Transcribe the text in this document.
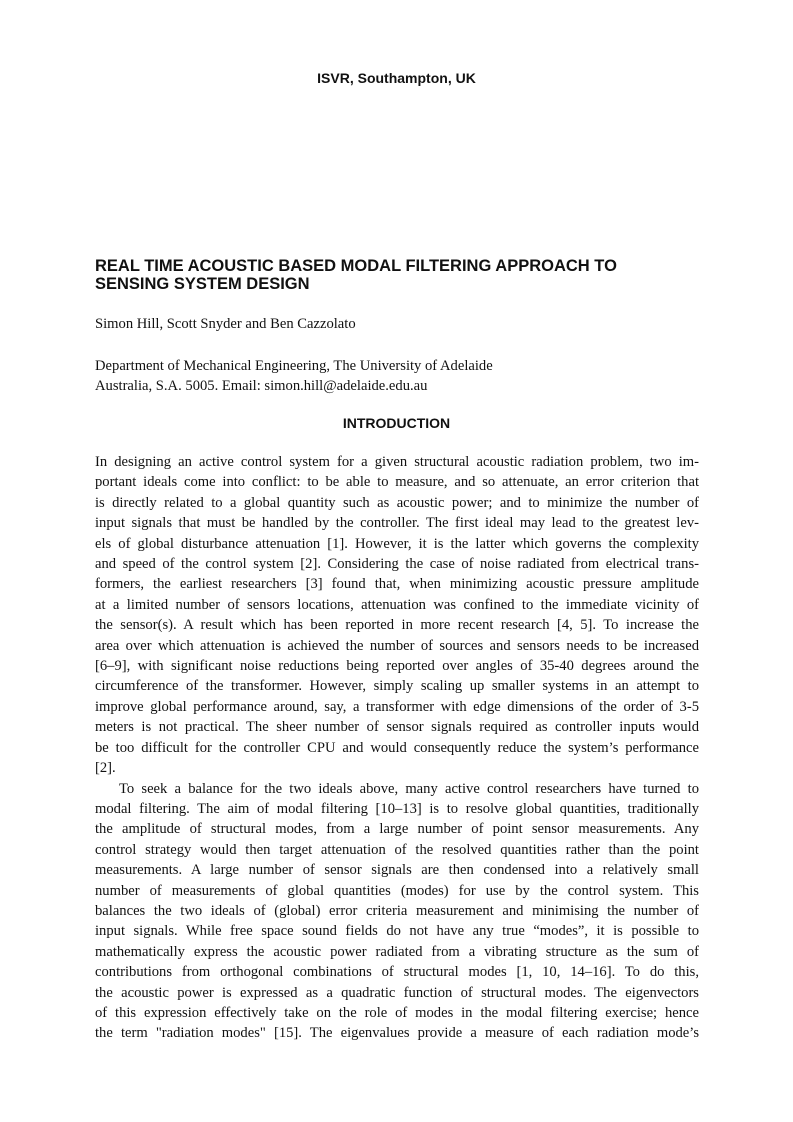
ISVR, Southampton, UK
REAL TIME ACOUSTIC BASED MODAL FILTERING APPROACH TO
SENSING SYSTEM DESIGN

Simon Hill, Scott Snyder and Ben Cazzolato

Department of Mechanical Engineering, The University of Adelaide
Australia, S.A. 5005. Email: simon.hill@adelaide.edu.au

INTRODUCTION

In designing an active control system for a given structural acoustic radiation problem, two im-
portant ideals come into conflict: to be able to measure, and so attenuate, an error criterion that
is directly related to a global quantity such as acoustic power; and to minimize the number of
input signals that must be handled by the controller. The first ideal may lead to the greatest lev-
els of global disturbance attenuation [1]. However, it is the latter which governs the complexity
and speed of the control system [2]. Considering the case of noise radiated from electrical trans-
formers, the earliest researchers [3] found that, when minimizing acoustic pressure amplitude
at a limited number of sensors locations, attenuation was confined to the immediate vicinity of
the sensor(s). A result which has been reported in more recent research [4, 5]. To increase the
area over which attenuation is achieved the number of sources and sensors needs to be increased
[6–9], with significant noise reductions being reported over angles of 35-40 degrees around the
circumference of the transformer. However, simply scaling up smaller systems in an attempt to
improve global performance around, say, a transformer with edge dimensions of the order of 3-5
meters is not practical. The sheer number of sensor signals required as controller inputs would
be too difficult for the controller CPU and would consequently reduce the system’s performance
[2].

To seek a balance for the two ideals above, many active control researchers have turned to
modal filtering. The aim of modal filtering [10–13] is to resolve global quantities, traditionally
the amplitude of structural modes, from a large number of point sensor measurements. Any
control strategy would then target attenuation of the resolved quantities rather than the point
measurements. A large number of sensor signals are then condensed into a relatively small
number of measurements of global quantities (modes) for use by the control system. This
balances the two ideals of (global) error criteria measurement and minimising the number of
input signals. While free space sound fields do not have any true “modes”, it is possible to
mathematically express the acoustic power radiated from a vibrating structure as the sum of
contributions from orthogonal combinations of structural modes [1, 10, 14–16]. To do this,
the acoustic power is expressed as a quadratic function of structural modes. The eigenvectors
of this expression effectively take on the role of modes in the modal filtering exercise; hence
the term "radiation modes" [15]. The eigenvalues provide a measure of each radiation mode’s
